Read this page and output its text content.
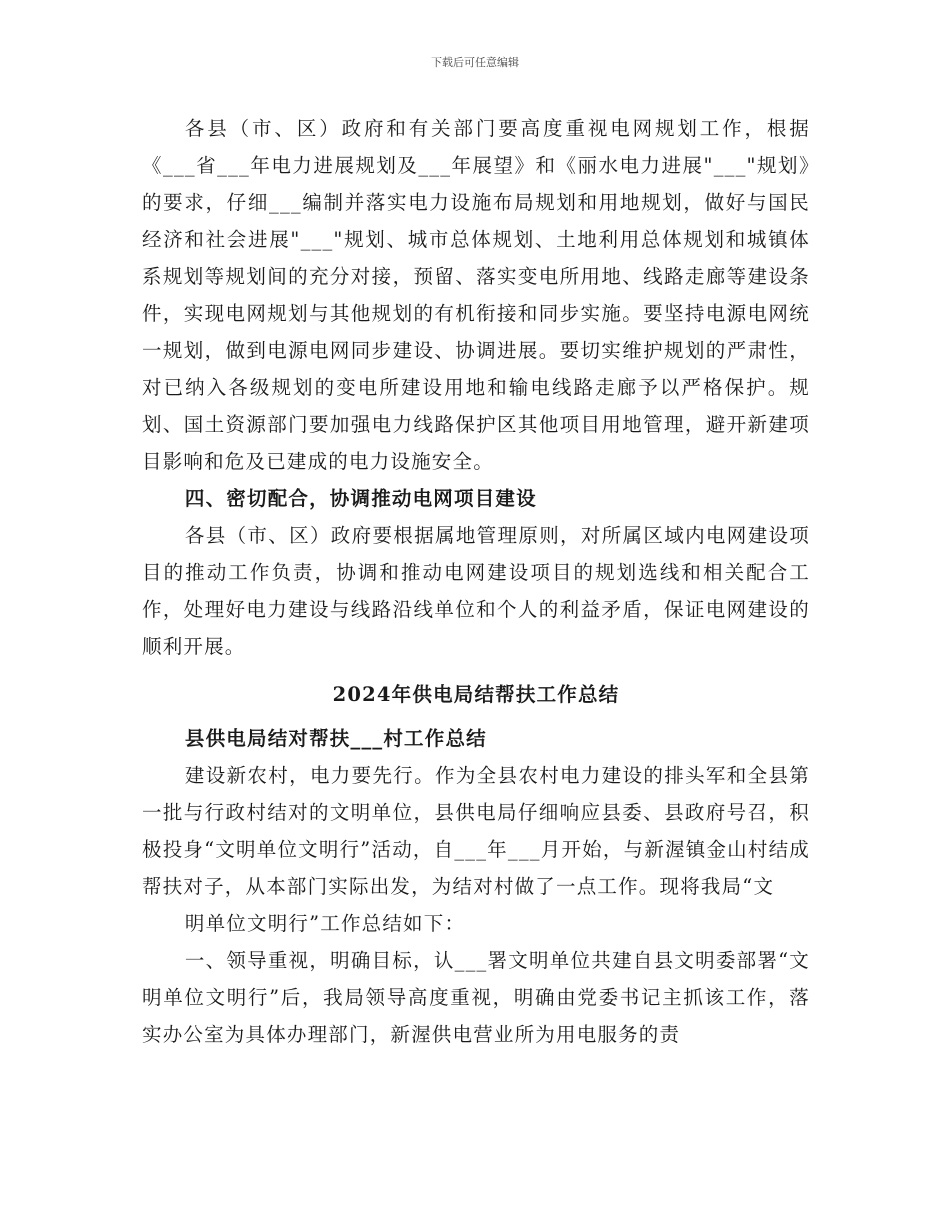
下载后可任意编辑

各县（市、区）政府和有关部门要高度重视电网规划工作，根据《___省___年电力进展规划及___年展望》和《丽水电力进展"___"规划》的要求，仔细___编制并落实电力设施布局规划和用地规划，做好与国民经济和社会进展"___"规划、城市总体规划、土地利用总体规划和城镇体系规划等规划间的充分对接，预留、落实变电所用地、线路走廊等建设条件，实现电网规划与其他规划的有机衔接和同步实施。要坚持电源电网统一规划，做到电源电网同步建设、协调进展。要切实维护规划的严肃性，对已纳入各级规划的变电所建设用地和输电线路走廊予以严格保护。规划、国土资源部门要加强电力线路保护区其他项目用地管理，避开新建项目影响和危及已建成的电力设施安全。

四、密切配合，协调推动电网项目建设

各县（市、区）政府要根据属地管理原则，对所属区域内电网建设项目的推动工作负责，协调和推动电网建设项目的规划选线和相关配合工作，处理好电力建设与线路沿线单位和个人的利益矛盾，保证电网建设的顺利开展。

2024年供电局结帮扶工作总结

县供电局结对帮扶___村工作总结

建设新农村，电力要先行。作为全县农村电力建设的排头军和全县第一批与行政村结对的文明单位，县供电局仔细响应县委、县政府号召，积极投身“文明单位文明行”活动，自___年___月开始，与新渥镇金山村结成帮扶对子，从本部门实际出发，为结对村做了一点工作。现将我局“文

明单位文明行”工作总结如下：

一、领导重视，明确目标，认___署文明单位共建自县文明委部署“文明单位文明行”后，我局领导高度重视，明确由党委书记主抓该工作，落实办公室为具体办理部门，新渥供电营业所为用电服务的责
